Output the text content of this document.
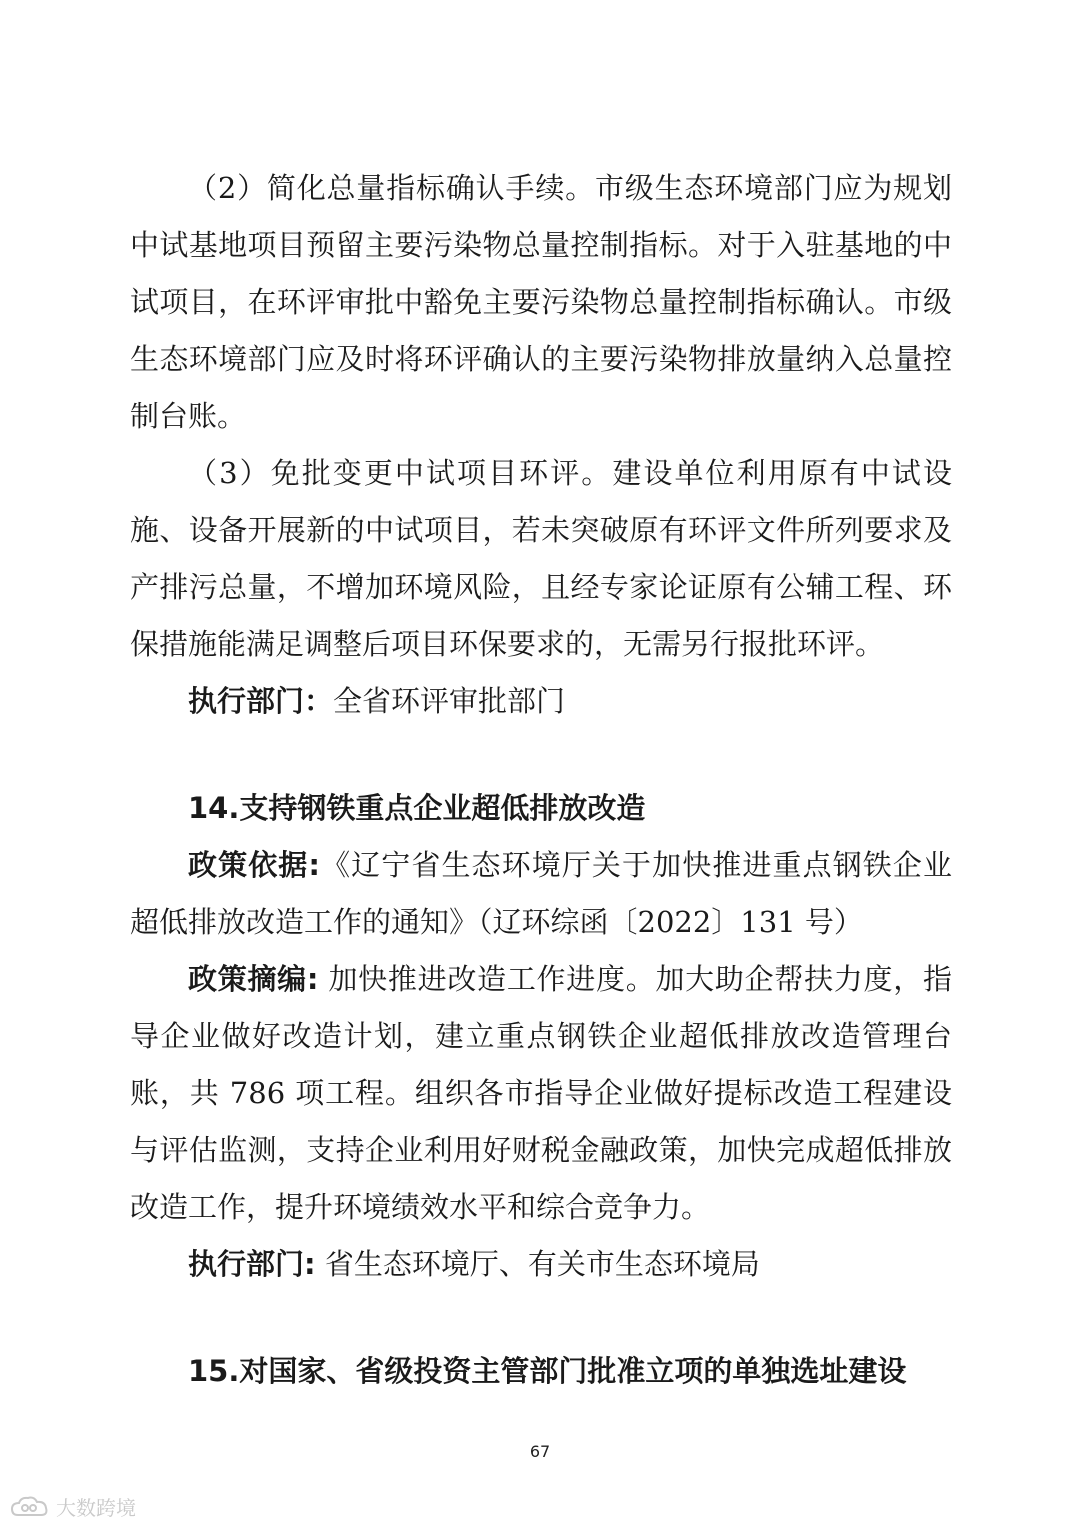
（2）简化总量指标确认手续。市级生态环境部门应为规划中试基地项目预留主要污染物总量控制指标。对于入驻基地的中试项目，在环评审批中豁免主要污染物总量控制指标确认。市级生态环境部门应及时将环评确认的主要污染物排放量纳入总量控制台账。

（3）免批变更中试项目环评。建设单位利用原有中试设施、设备开展新的中试项目，若未突破原有环评文件所列要求及产排污总量，不增加环境风险，且经专家论证原有公辅工程、环保措施能满足调整后项目环保要求的，无需另行报批环评。

执行部门：全省环评审批部门

14.支持钢铁重点企业超低排放改造

政策依据:《辽宁省生态环境厅关于加快推进重点钢铁企业超低排放改造工作的通知》（辽环综函〔2022〕131 号）

政策摘编: 加快推进改造工作进度。加大助企帮扶力度，指导企业做好改造计划，建立重点钢铁企业超低排放改造管理台账，共 786 项工程。组织各市指导企业做好提标改造工程建设与评估监测，支持企业利用好财税金融政策，加快完成超低排放改造工作，提升环境绩效水平和综合竞争力。

执行部门: 省生态环境厅、有关市生态环境局

15.对国家、省级投资主管部门批准立项的单独选址建设

67
大数跨境
